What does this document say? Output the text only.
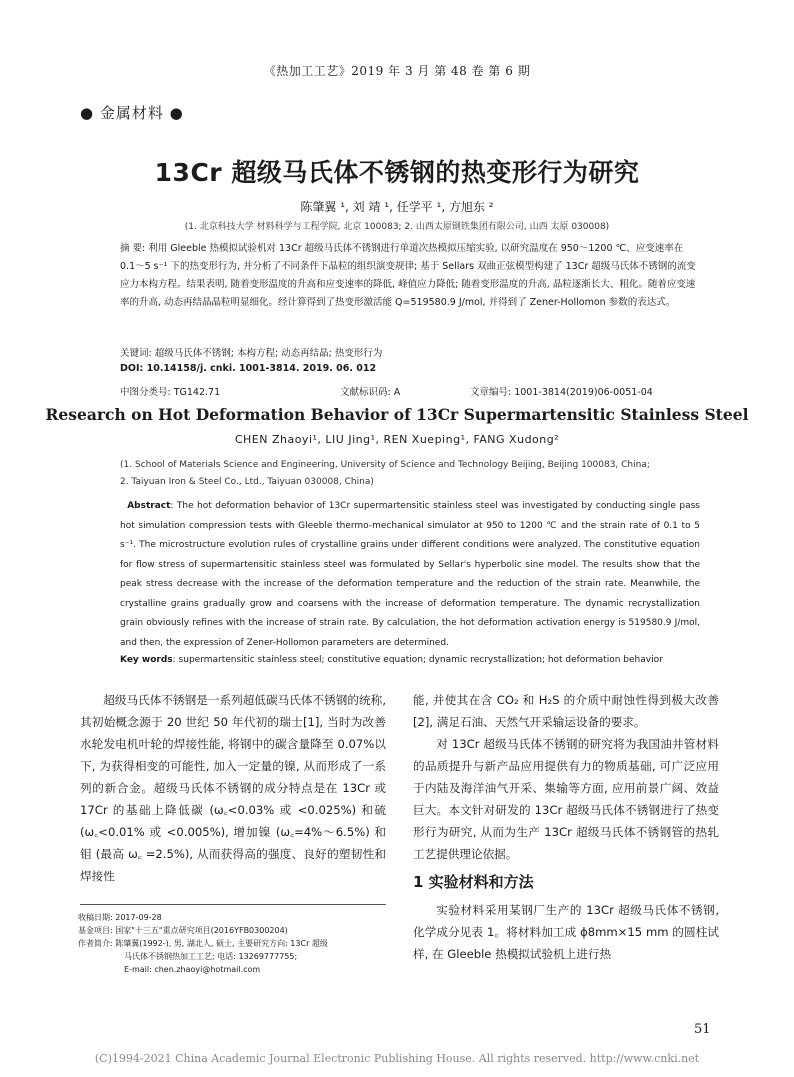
《热加工工艺》2019 年 3 月 第 48 卷 第 6 期
● 金属材料 ●
13Cr 超级马氏体不锈钢的热变形行为研究
陈肇翼 ¹, 刘 靖 ¹, 任学平 ¹, 方旭东 ²
(1. 北京科技大学 材料科学与工程学院, 北京 100083; 2. 山西太原钢铁集团有限公司, 山西 太原 030008)
摘 要: 利用 Gleeble 热模拟试验机对 13Cr 超级马氏体不锈钢进行单道次热模拟压缩实验, 以研究温度在 950～1200 ℃、应变速率在 0.1～5 s⁻¹ 下的热变形行为, 并分析了不同条件下晶粒的组织演变规律; 基于 Sellars 双曲正弦模型构建了 13Cr 超级马氏体不锈钢的流变应力本构方程。结果表明, 随着变形温度的升高和应变速率的降低, 峰值应力降低; 随着变形温度的升高, 晶粒逐渐长大、粗化。随着应变速率的升高, 动态再结晶晶粒明显细化。经计算得到了热变形激活能 Q=519580.9 J/mol, 并得到了 Zener-Hollomon 参数的表达式。
关键词: 超级马氏体不锈钢; 本构方程; 动态再结晶; 热变形行为
DOI: 10.14158/j. cnki. 1001-3814. 2019. 06. 012
中图分类号: TG142.71	文献标识码: A	文章编号: 1001-3814(2019)06-0051-04
Research on Hot Deformation Behavior of 13Cr Supermartensitic Stainless Steel
CHEN Zhaoyi¹, LIU Jing¹, REN Xueping¹, FANG Xudong²
(1. School of Materials Science and Engineering, University of Science and Technology Beijing, Beijing 100083, China;
2. Taiyuan Iron & Steel Co., Ltd., Taiyuan 030008, China)
Abstract: The hot deformation behavior of 13Cr supermartensitic stainless steel was investigated by conducting single pass hot simulation compression tests with Gleeble thermo-mechanical simulator at 950 to 1200 ℃ and the strain rate of 0.1 to 5 s⁻¹. The microstructure evolution rules of crystalline grains under different conditions were analyzed. The constitutive equation for flow stress of supermartensitic stainless steel was formulated by Sellar's hyperbolic sine model. The results show that the peak stress decrease with the increase of the deformation temperature and the reduction of the strain rate. Meanwhile, the crystalline grains gradually grow and coarsens with the increase of deformation temperature. The dynamic recrystallization grain obviously refines with the increase of strain rate. By calculation, the hot deformation activation energy is 519580.9 J/mol, and then, the expression of Zener-Hollomon parameters are determined.
Key words: supermartensitic stainless steel; constitutive equation; dynamic recrystallization; hot deformation behavior

超级马氏体不锈钢是一系列超低碳马氏体不锈钢的统称, 其初始概念源于 20 世纪 50 年代初的瑞士[1], 当时为改善水轮发电机叶轮的焊接性能, 将钢中的碳含量降至 0.07%以下, 为获得相变的可能性, 加入一定量的镍, 从而形成了一系列的新合金。超级马氏体不锈钢的成分特点是在 13Cr 或 17Cr 的基础上降低碳 (ω꜀<0.03% 或 <0.025%) 和硫 (ω꜀<0.01% 或 <0.005%), 增加镍 (ω꜀=4%～6.5%) 和钼 (最高 ω꜀ =2.5%), 从而获得高的强度、良好的塑韧性和焊接性

能, 并使其在含 CO₂ 和 H₂S 的介质中耐蚀性得到极大改善[2], 满足石油、天然气开采输运设备的要求。

对 13Cr 超级马氏体不锈钢的研究将为我国油井管材料的品质提升与新产品应用提供有力的物质基础, 可广泛应用于内陆及海洋油气开采、集输等方面, 应用前景广阔、效益巨大。本文针对研发的 13Cr 超级马氏体不锈钢进行了热变形行为研究, 从而为生产 13Cr 超级马氏体不锈钢管的热轧工艺提供理论依据。

1 实验材料和方法

实验材料采用某钢厂生产的 13Cr 超级马氏体不锈钢, 化学成分见表 1。将材料加工成 ϕ8mm×15 mm 的圆柱试样, 在 Gleeble 热模拟试验机上进行热

收稿日期: 2017-09-28
基金项目: 国家"十三五"重点研究项目(2016YFB0300204)
作者简介: 陈肇翼(1992-), 男, 湖北人, 硕士, 主要研究方向: 13Cr 超级
马氏体不锈钢热加工工艺; 电话: 13269777755;
E-mail: chen.zhaoyi@hotmail.com
51
(C)1994-2021 China Academic Journal Electronic Publishing House. All rights reserved. http://www.cnki.net
